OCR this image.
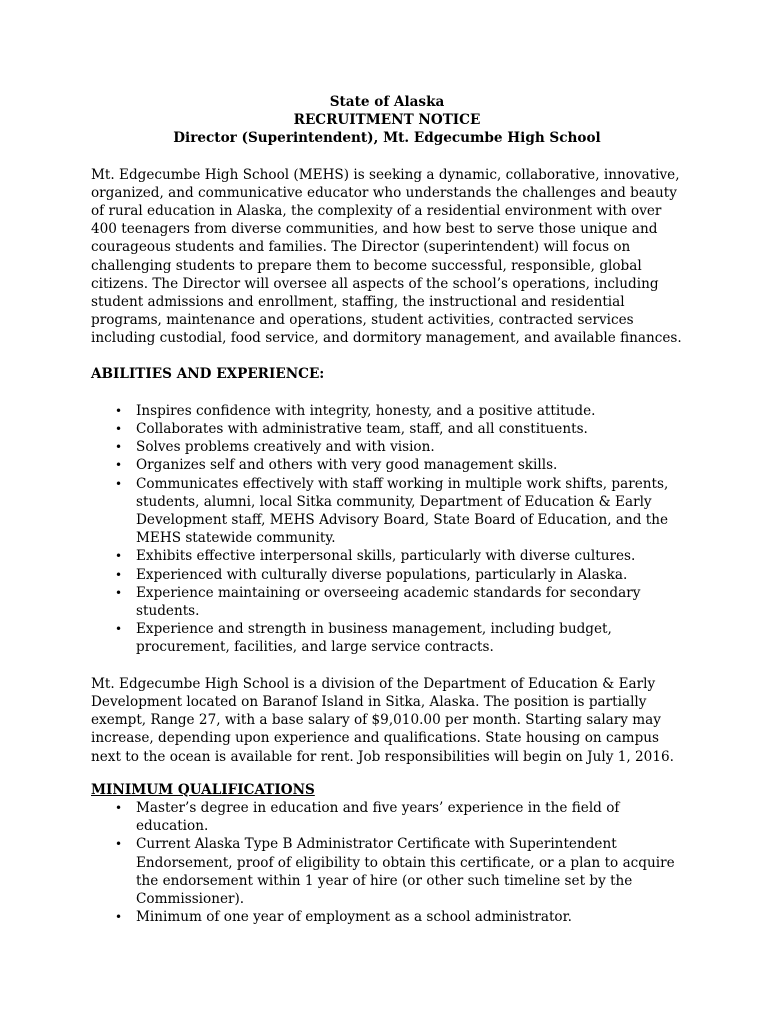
State of Alaska
RECRUITMENT NOTICE
Director (Superintendent), Mt. Edgecumbe High School

Mt. Edgecumbe High School (MEHS) is seeking a dynamic, collaborative, innovative, organized, and communicative educator who understands the challenges and beauty of rural education in Alaska, the complexity of a residential environment with over 400 teenagers from diverse communities, and how best to serve those unique and courageous students and families. The Director (superintendent) will focus on challenging students to prepare them to become successful, responsible, global citizens. The Director will oversee all aspects of the school’s operations, including student admissions and enrollment, staffing, the instructional and residential programs, maintenance and operations, student activities, contracted services including custodial, food service, and dormitory management, and available finances.

ABILITIES AND EXPERIENCE:
• Inspires confidence with integrity, honesty, and a positive attitude.
• Collaborates with administrative team, staff, and all constituents.
• Solves problems creatively and with vision.
• Organizes self and others with very good management skills.
• Communicates effectively with staff working in multiple work shifts, parents, students, alumni, local Sitka community, Department of Education & Early Development staff, MEHS Advisory Board, State Board of Education, and the MEHS statewide community.
• Exhibits effective interpersonal skills, particularly with diverse cultures.
• Experienced with culturally diverse populations, particularly in Alaska.
• Experience maintaining or overseeing academic standards for secondary students.
• Experience and strength in business management, including budget, procurement, facilities, and large service contracts.

Mt. Edgecumbe High School is a division of the Department of Education & Early Development located on Baranof Island in Sitka, Alaska. The position is partially exempt, Range 27, with a base salary of $9,010.00 per month. Starting salary may increase, depending upon experience and qualifications. State housing on campus next to the ocean is available for rent. Job responsibilities will begin on July 1, 2016.

MINIMUM QUALIFICATIONS
• Master’s degree in education and five years’ experience in the field of education.
• Current Alaska Type B Administrator Certificate with Superintendent Endorsement, proof of eligibility to obtain this certificate, or a plan to acquire the endorsement within 1 year of hire (or other such timeline set by the Commissioner).
• Minimum of one year of employment as a school administrator.
